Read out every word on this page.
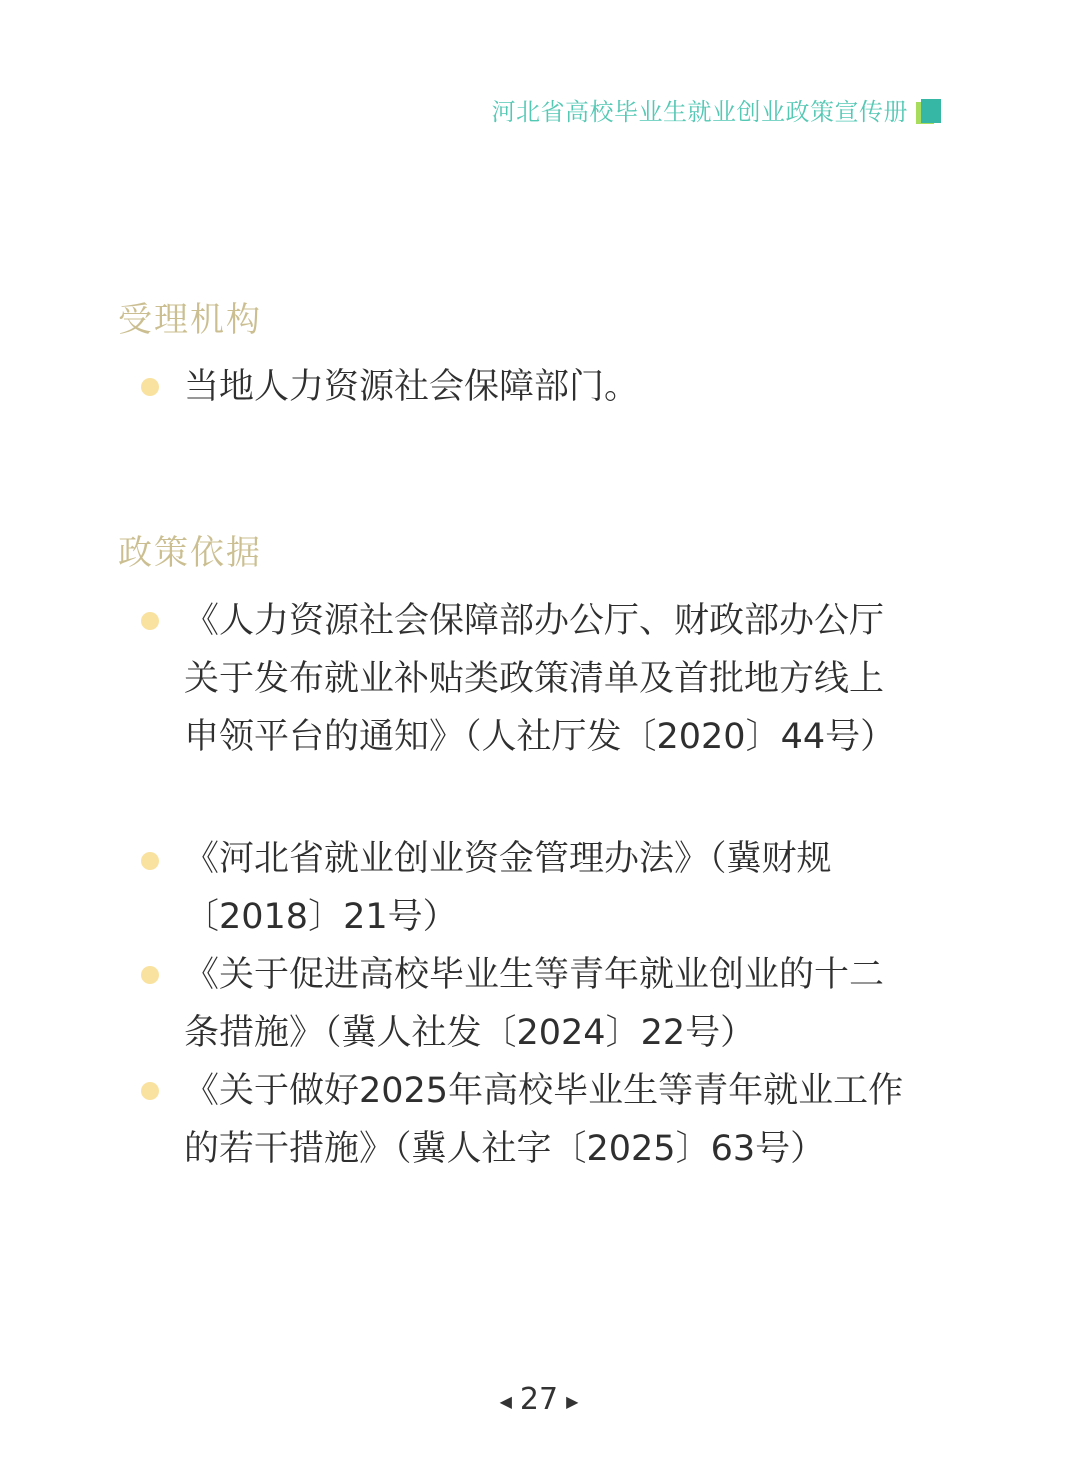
河北省高校毕业生就业创业政策宣传册
受理机构
当地人力资源社会保障部门。
政策依据
《人力资源社会保障部办公厅、财政部办公厅关于发布就业补贴类政策清单及首批地方线上申领平台的通知》（人社厅发〔2020〕44号）
《河北省就业创业资金管理办法》（冀财规〔2018〕21号）
《关于促进高校毕业生等青年就业创业的十二条措施》（冀人社发〔2024〕22号）
《关于做好2025年高校毕业生等青年就业工作的若干措施》（冀人社字〔2025〕63号）
◀ 27 ▶
